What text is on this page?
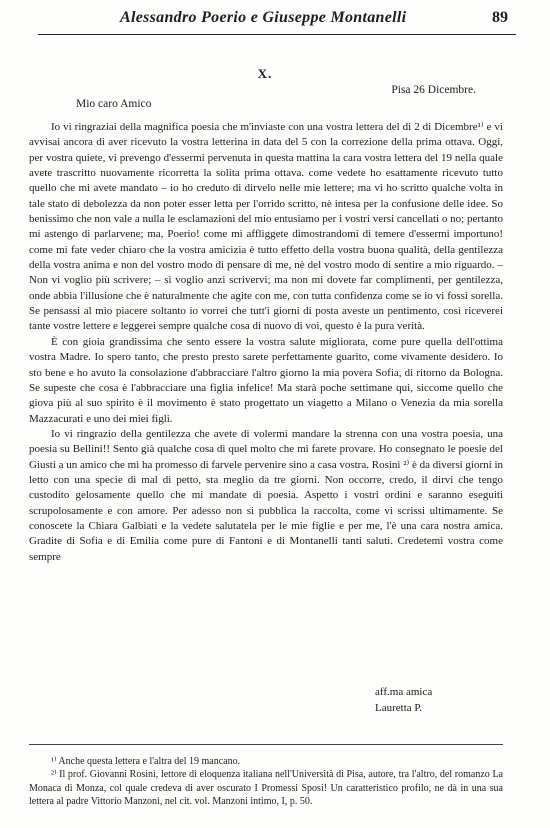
Alessandro Poerio e Giuseppe Montanelli	89
X.
Pisa 26 Dicembre.
Mio caro Amico

Io vi ringraziai della magnifica poesia che m'inviaste con una vostra lettera del di 2 di Dicembre¹⁾ e vi avvisai ancora di aver ricevuto la vostra letterina in data del 5 con la correzione della prima ottava. Oggi, per vostra quiete, vi prevengo d'essermi pervenuta in questa mattina la cara vostra lettera del 19 nella quale avete trascritto nuovamente ricorretta la solita prima ottava. come vedete ho esattamente ricevuto tutto quello che mi avete mandato – io ho creduto di dirvelo nelle mie lettere; ma vi ho scritto qualche volta in tale stato di debolezza da non poter esser letta per l'orrido scritto, nè intesa per la confusione delle idee. So benissimo che non vale a nulla le esclamazioni del mio entusiamo per i vostri versi cancellati o no; pertanto mi astengo di parlarvene; ma, Poerio! come mi affliggete dimostrandomi di temere d'essermi importuno! come mi fate veder chiaro che la vostra amicizia è tutto effetto della vostra buona qualità, della gentilezza della vostra anima e non del vostro modo di pensare di me, nè del vostro modo di sentire a mio riguardo. – Non vi voglio più scrivere; – sì voglio anzi scrivervi; ma non mi dovete far complimenti, per gentilezza, onde abbia l'illusione che è naturalmente che agite con me, con tutta confidenza come se io vi fossi sorella. Se pensassi al mio piacere soltanto io vorrei che tutt'i giorni di posta aveste un pentimento, così riceverei tante vostre lettere e leggerei sempre qualche cosa di nuovo di voi, questo è la pura verità.

È con gioia grandissima che sento essere la vostra salute migliorata, come pure quella dell'ottima vostra Madre. Io spero tanto, che presto presto sarete perfettamente guarito, come vivamente desidero. Io sto bene e ho avuto la consolazione d'abbracciare l'altro giorno la mia povera Sofia, di ritorno da Bologna. Se supeste che cosa è l'abbracciare una figlia infelice! Ma starà poche settimane qui, siccome quello che giova più al suo spirito è il movimento è stato progettato un viagetto a Milano o Venezia da mia sorella Mazzacurati e uno dei miei figli.

Io vi ringrazio della gentilezza che avete di volermi mandare la strenna con una vostra poesia, una poesia su Bellini!! Sento già qualche cosa di quel molto che mi farete provare. Ho consegnato le poesie del Giusti a un amico che mi ha promesso di farvele pervenire sino a casa vostra. Rosini ²⁾ è da diversi giorni in letto con una specie di mal di petto, sta meglio da tre giorni. Non occorre, credo, il dirvi che tengo custodito gelosamente quello che mi mandate di poesia. Aspetto i vostri ordini e saranno eseguiti scrupolosamente e con amore. Per adesso non si pubblica la raccolta, come vi scrissi ultimamente. Se conoscete la Chiara Galbiati e la vedete salutatela per le mie figlie e per me, l'è una cara nostra amica. Gradite di Sofia e di Emilia come pure di Fantoni e di Montanelli tanti saluti. Credetemi vostra come sempre

aff.ma amica
Lauretta P.

¹⁾ Anche questa lettera e l'altra del 19 mancano.

²⁾ Il prof. Giovanni Rosini, lettore di eloquenza italiana nell'Università di Pisa, autore, tra l'altro, del romanzo La Monaca di Monza, col quale credeva di aver oscurato I Promessi Sposi! Un caratteristico profilo, ne dà in una sua lettera al padre Vittorio Manzoni, nel cit. vol. Manzoni intimo, I, p. 50.
